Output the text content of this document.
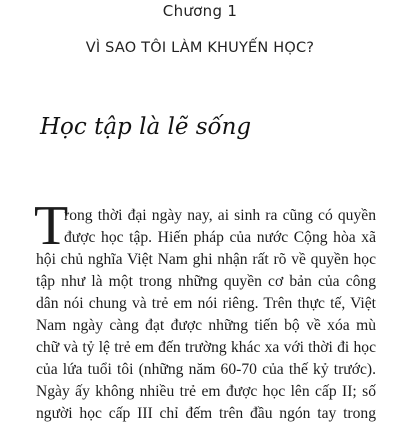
Chương 1
VÌ SAO TÔI LÀM KHUYẾN HỌC?
Học tập là lẽ sống
T
rong thời đại ngày nay, ai sinh ra cũng có quyền
được học tập. Hiến pháp của nước Cộng hòa xã
hội chủ nghĩa Việt Nam ghi nhận rất rõ về quyền học
tập như là một trong những quyền cơ bản của công
dân nói chung và trẻ em nói riêng. Trên thực tế, Việt
Nam ngày càng đạt được những tiến bộ về xóa mù
chữ và tỷ lệ trẻ em đến trường khác xa với thời đi học
của lứa tuổi tôi (những năm 60-70 của thế kỷ trước).
Ngày ấy không nhiều trẻ em được học lên cấp II; số
người học cấp III chỉ đếm trên đầu ngón tay trong
